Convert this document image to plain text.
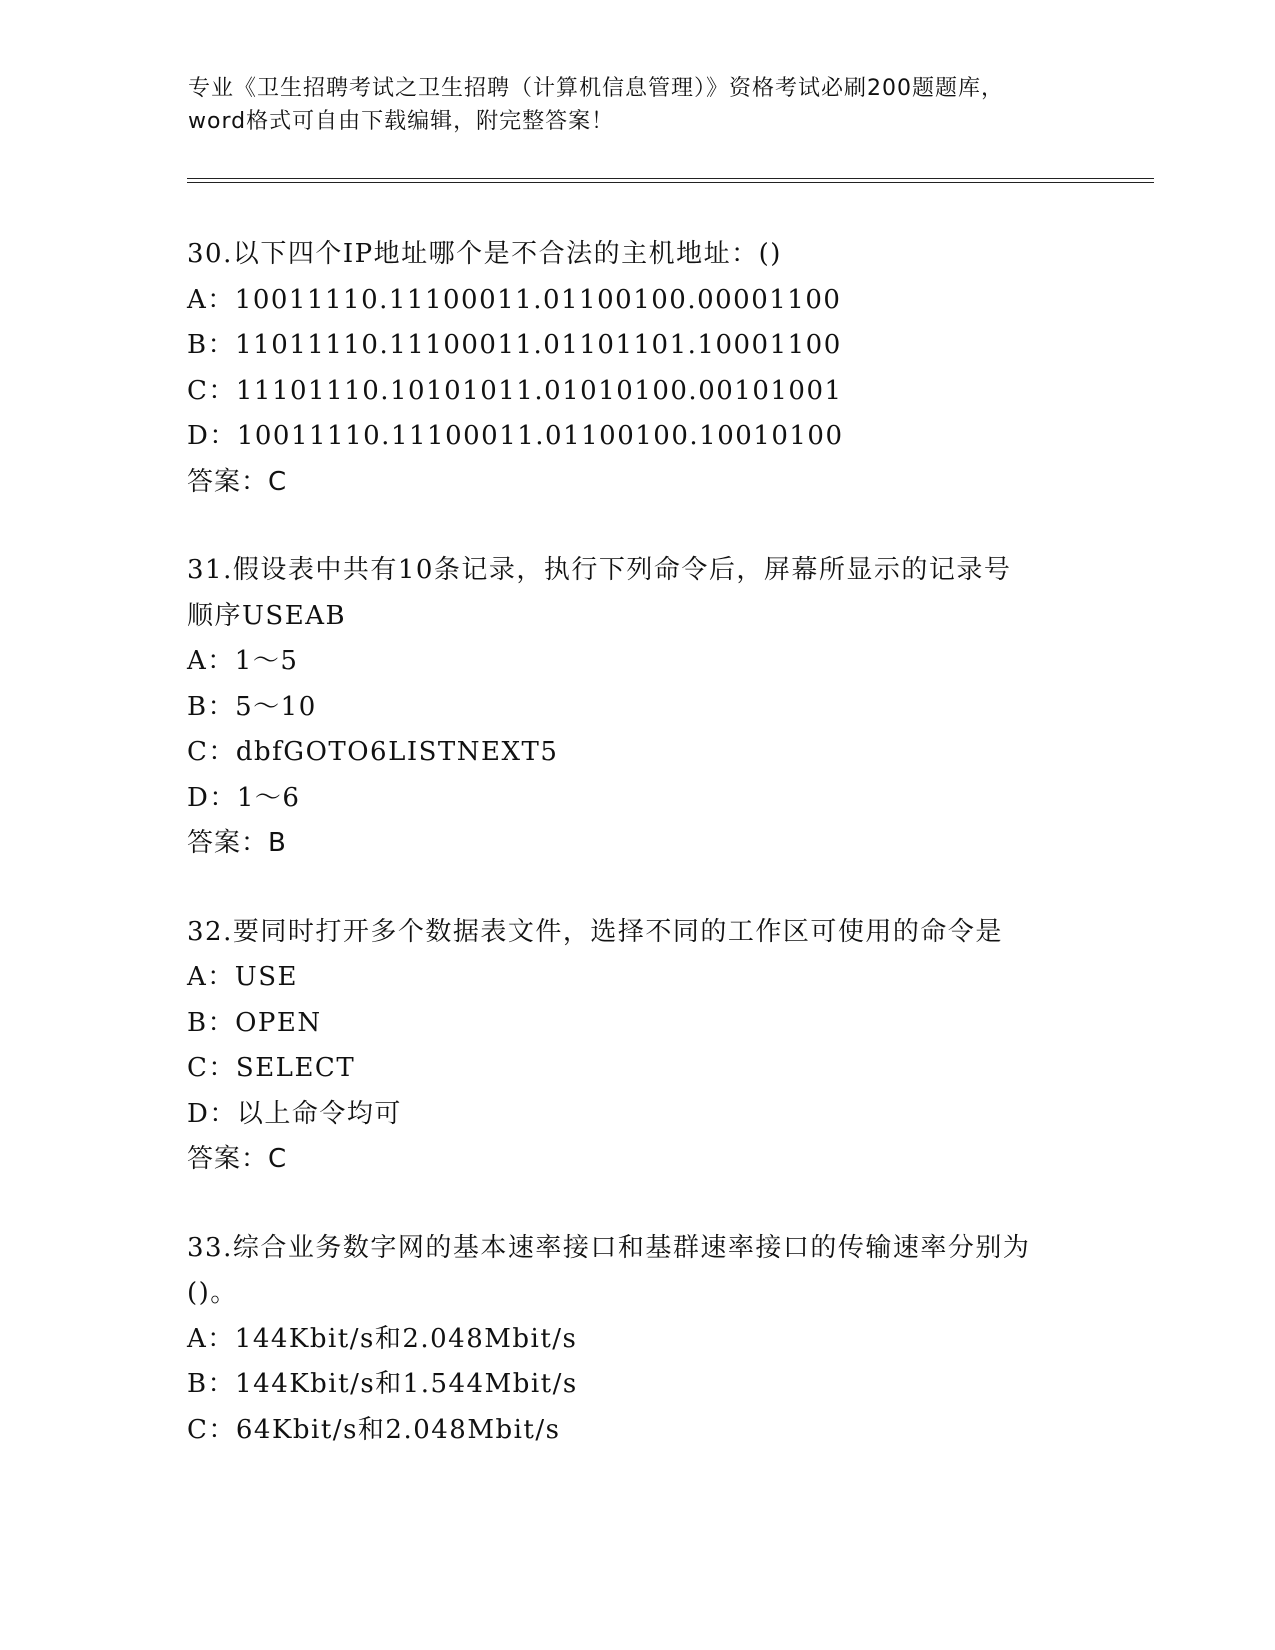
专业《卫生招聘考试之卫生招聘（计算机信息管理）》资格考试必刷200题题库，

word格式可自由下载编辑，附完整答案！

30.以下四个IP地址哪个是不合法的主机地址：()

A：10011110.11100011.01100100.00001100

B：11011110.11100011.01101101.10001100

C：11101110.10101011.01010100.00101001

D：10011110.11100011.01100100.10010100

答案：C

31.假设表中共有10条记录，执行下列命令后，屏幕所显示的记录号

顺序USEAB

A：1～5

B：5～10

C：dbfGOTO6LISTNEXT5

D：1～6

答案：B

32.要同时打开多个数据表文件，选择不同的工作区可使用的命令是

A：USE

B：OPEN

C：SELECT

D：以上命令均可

答案：C

33.综合业务数字网的基本速率接口和基群速率接口的传输速率分别为

()。

A：144Kbit/s和2.048Mbit/s

B：144Kbit/s和1.544Mbit/s

C：64Kbit/s和2.048Mbit/s
